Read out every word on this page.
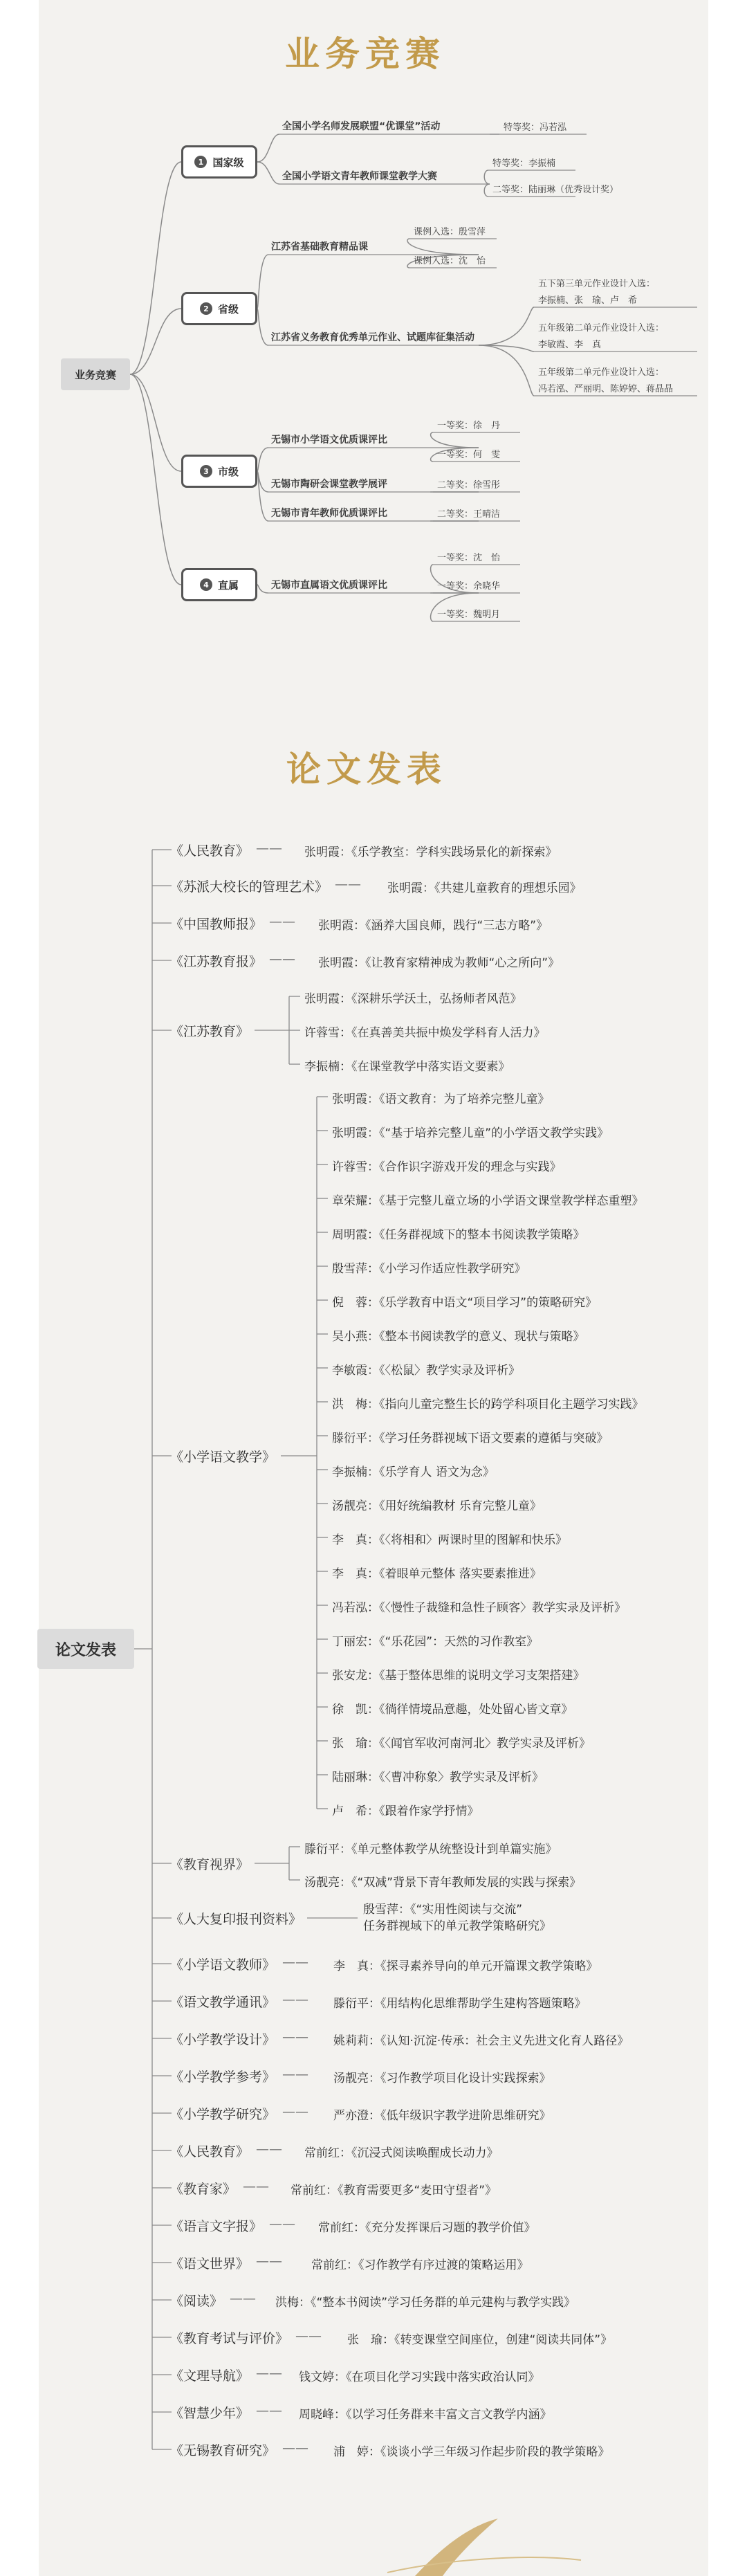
业务竞赛
业务竞赛
1 国家级
2 省级
3 市级
4 直属
全国小学名师发展联盟“优课堂”活动
全国小学语文青年教师课堂教学大赛
江苏省基础教育精品课
江苏省义务教育优秀单元作业、试题库征集活动
无锡市小学语文优质课评比
无锡市陶研会课堂教学展评
无锡市青年教师优质课评比
无锡市直属语文优质课评比
特等奖：冯若泓
特等奖：李振楠
二等奖：陆丽琳（优秀设计奖）
课例入选：殷雪萍
课例入选：沈　怡
五下第三单元作业设计入选：
李振楠、张　瑜、卢　希
五年级第二单元作业设计入选：
李敏霞、李　真
五年级第二单元作业设计入选：
冯若泓、严丽明、陈婷婷、蒋晶晶
一等奖：徐　丹
一等奖：何　雯
二等奖：徐雪彤
二等奖：王晴洁
一等奖：沈　怡
一等奖：余晓华
一等奖：魏明月
论文发表
论文发表
《人民教育》 —— 张明霞：《乐学教室：学科实践场景化的新探索》
《苏派大校长的管理艺术》 —— 张明霞：《共建儿童教育的理想乐园》
《中国教师报》 —— 张明霞：《涵养大国良师，践行“三志方略”》
《江苏教育报》 —— 张明霞：《让教育家精神成为教师“心之所向”》
《江苏教育》
张明霞：《深耕乐学沃土，弘扬师者风范》
许蓉雪：《在真善美共振中焕发学科育人活力》
李振楠：《在课堂教学中落实语文要素》
《小学语文教学》
张明霞：《语文教育：为了培养完整儿童》
张明霞：《“基于培养完整儿童”的小学语文教学实践》
许蓉雪：《合作识字游戏开发的理念与实践》
章荣耀：《基于完整儿童立场的小学语文课堂教学样态重塑》
周明霞：《任务群视域下的整本书阅读教学策略》
殷雪萍：《小学习作适应性教学研究》
倪　蓉：《乐学教育中语文“项目学习”的策略研究》
吴小燕：《整本书阅读教学的意义、现状与策略》
李敏霞：《〈松鼠〉教学实录及评析》
洪　梅：《指向儿童完整生长的跨学科项目化主题学习实践》
滕衍平：《学习任务群视域下语文要素的遵循与突破》
李振楠：《乐学育人 语文为念》
汤靓亮：《用好统编教材 乐育完整儿童》
李　真：《〈将相和〉两课时里的图解和快乐》
李　真：《着眼单元整体 落实要素推进》
冯若泓：《〈慢性子裁缝和急性子顾客〉教学实录及评析》
丁丽宏：《“乐花园”：天然的习作教室》
张安龙：《基于整体思维的说明文学习支架搭建》
徐　凯：《徜徉情境品意趣，处处留心皆文章》
张　瑜：《〈闻官军收河南河北〉教学实录及评析》
陆丽琳：《〈曹冲称象〉教学实录及评析》
卢　希：《跟着作家学抒情》
《教育视界》
滕衍平：《单元整体教学从统整设计到单篇实施》
汤靓亮：《“双减”背景下青年教师发展的实践与探索》
《人大复印报刊资料》
殷雪萍：《“实用性阅读与交流”
任务群视域下的单元教学策略研究》
《小学语文教师》 —— 李　真：《探寻素养导向的单元开篇课文教学策略》
《语文教学通讯》 —— 滕衍平：《用结构化思维帮助学生建构答题策略》
《小学教学设计》 —— 姚莉莉：《认知·沉淀·传承：社会主义先进文化育人路径》
《小学教学参考》 —— 汤靓亮：《习作教学项目化设计实践探索》
《小学教学研究》 —— 严亦澄：《低年级识字教学进阶思维研究》
《人民教育》 —— 常前红：《沉浸式阅读唤醒成长动力》
《教育家》 —— 常前红：《教育需要更多“麦田守望者”》
《语言文字报》 —— 常前红：《充分发挥课后习题的教学价值》
《语文世界》 —— 常前红：《习作教学有序过渡的策略运用》
《阅读》 —— 洪梅：《“整本书阅读”学习任务群的单元建构与教学实践》
《教育考试与评价》 —— 张　瑜：《转变课堂空间座位，创建“阅读共同体”》
《文理导航》 —— 钱文婷：《在项目化学习实践中落实政治认同》
《智慧少年》 —— 周晓峰：《以学习任务群来丰富文言文教学内涵》
《无锡教育研究》 —— 浦　婷：《谈谈小学三年级习作起步阶段的教学策略》
